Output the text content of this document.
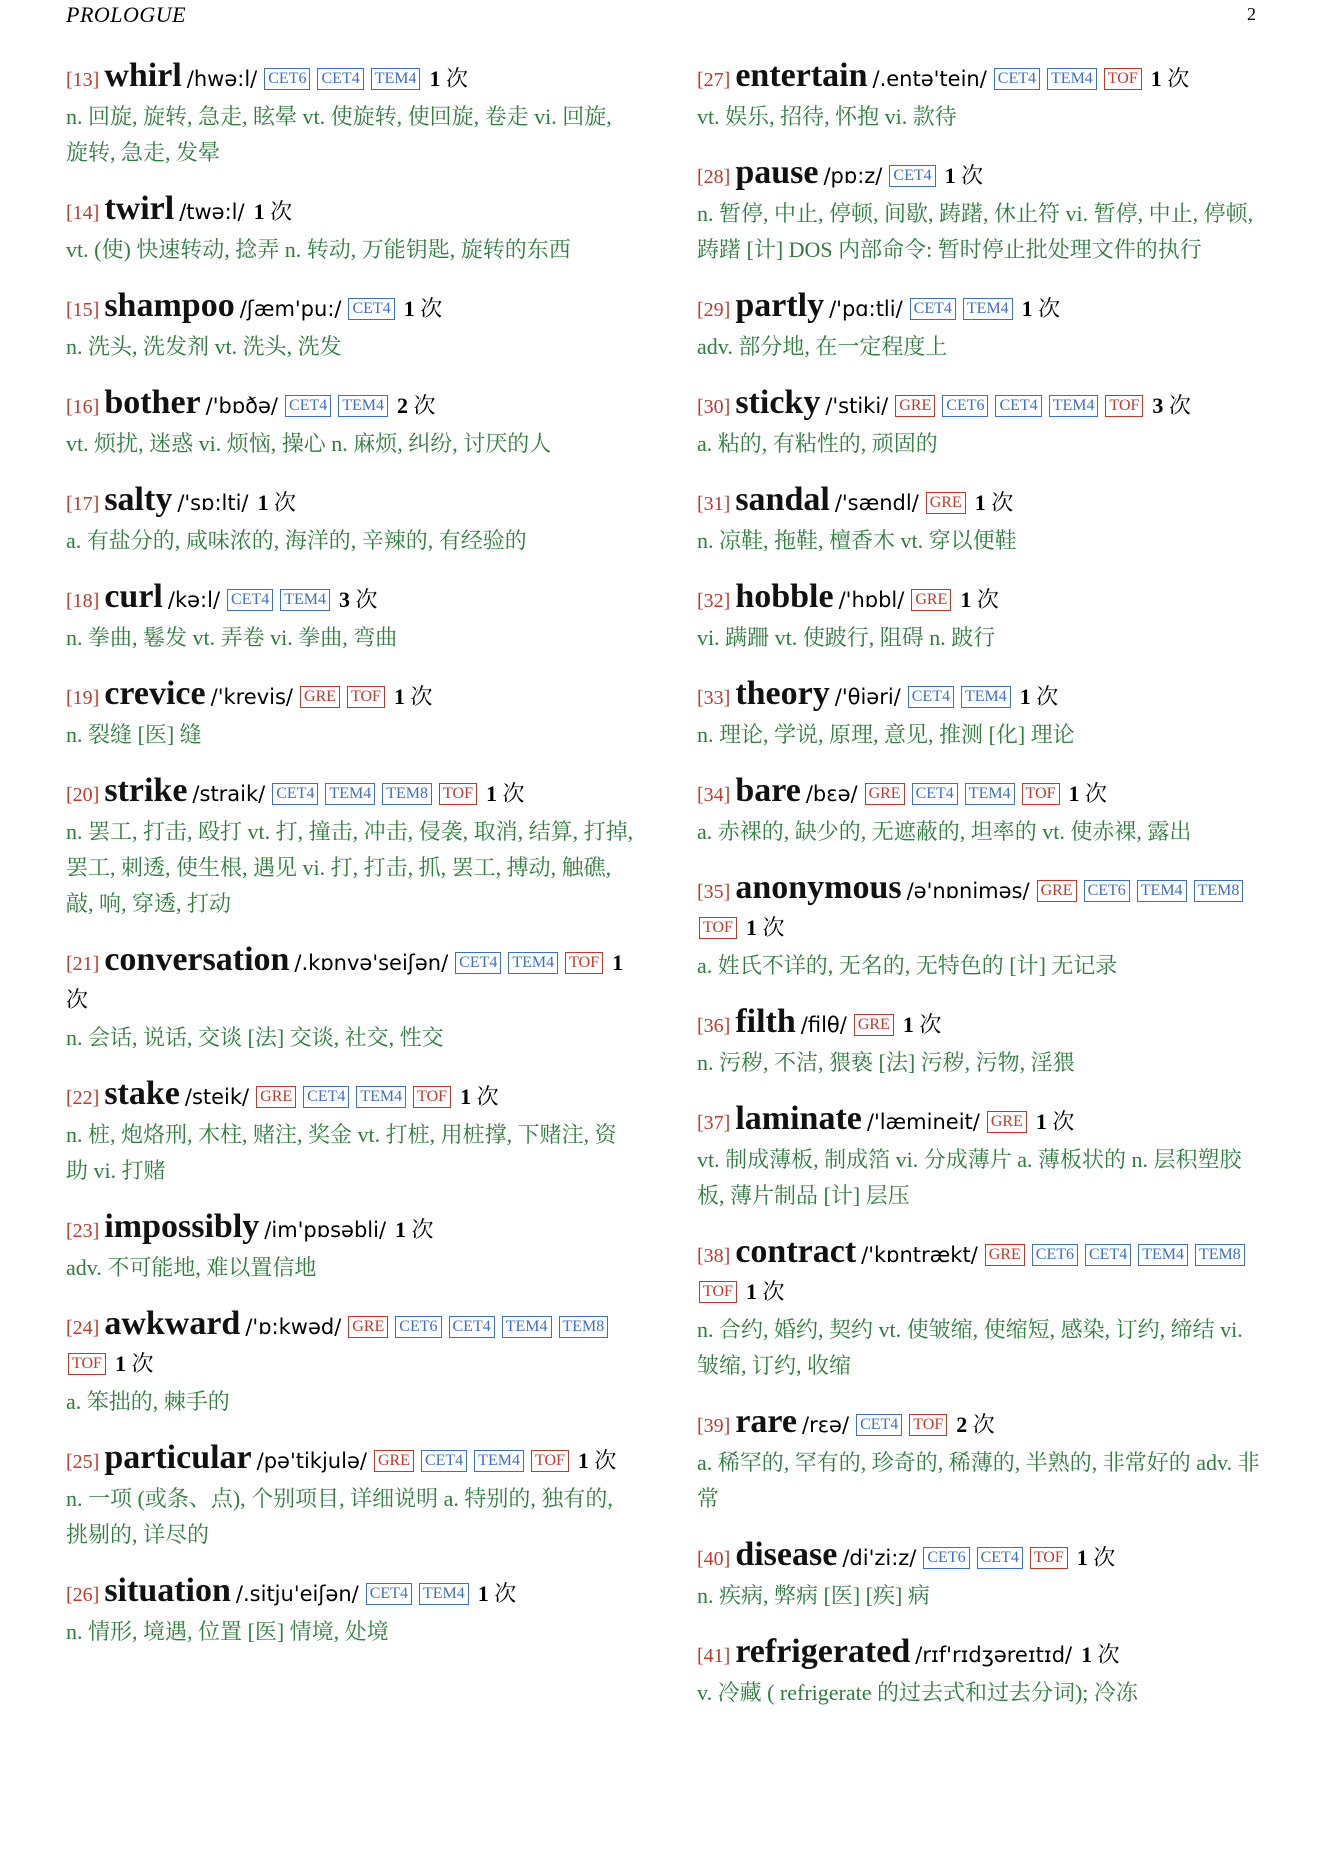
PROLOGUE	2
[13] whirl /hwə:l/ CET6 CET4 TEM4 1 次
n. 回旋, 旋转, 急走, 眩晕 vt. 使旋转, 使回旋, 卷走 vi. 回旋, 旋转, 急走, 发晕
[14] twirl /twə:l/ 1 次
vt. (使) 快速转动, 捻弄 n. 转动, 万能钥匙, 旋转的东西
[15] shampoo /ʃæm'pu:/ CET4 1 次
n. 洗头, 洗发剂 vt. 洗头, 洗发
[16] bother /'bɒðə/ CET4 TEM4 2 次
vt. 烦扰, 迷惑 vi. 烦恼, 操心 n. 麻烦, 纠纷, 讨厌的人
[17] salty /'sɒ:lti/ 1 次
a. 有盐分的, 咸味浓的, 海洋的, 辛辣的, 有经验的
[18] curl /kə:l/ CET4 TEM4 3 次
n. 拳曲, 鬈发 vt. 弄卷 vi. 拳曲, 弯曲
[19] crevice /'krevis/ GRE TOF 1 次
n. 裂缝 [医] 缝
[20] strike /straik/ CET4 TEM4 TEM8 TOF 1 次
n. 罢工, 打击, 殴打 vt. 打, 撞击, 冲击, 侵袭, 取消, 结算, 打掉, 罢工, 刺透, 使生根, 遇见 vi. 打, 打击, 抓, 罢工, 搏动, 触礁, 敲, 响, 穿透, 打动
[21] conversation /.kɒnvə'seiʃən/ CET4 TEM4 TOF 1 次
n. 会话, 说话, 交谈 [法] 交谈, 社交, 性交
[22] stake /steik/ GRE CET4 TEM4 TOF 1 次
n. 桩, 炮烙刑, 木柱, 赌注, 奖金 vt. 打桩, 用桩撑, 下赌注, 资助 vi. 打赌
[23] impossibly /im'pɒsəbli/ 1 次
adv. 不可能地, 难以置信地
[24] awkward /'ɒ:kwəd/ GRE CET6 CET4 TEM4 TEM8 TOF 1 次
a. 笨拙的, 棘手的
[25] particular /pə'tikjulə/ GRE CET4 TEM4 TOF 1 次
n. 一项 (或条、点), 个别项目, 详细说明 a. 特别的, 独有的, 挑剔的, 详尽的
[26] situation /.sitju'eiʃən/ CET4 TEM4 1 次
n. 情形, 境遇, 位置 [医] 情境, 处境
[27] entertain /.entə'tein/ CET4 TEM4 TOF 1 次
vt. 娱乐, 招待, 怀抱 vi. 款待
[28] pause /pɒ:z/ CET4 1 次
n. 暂停, 中止, 停顿, 间歇, 踌躇, 休止符 vi. 暂停, 中止, 停顿, 踌躇 [计] DOS 内部命令: 暂时停止批处理文件的执行
[29] partly /'pɑ:tli/ CET4 TEM4 1 次
adv. 部分地, 在一定程度上
[30] sticky /'stiki/ GRE CET6 CET4 TEM4 TOF 3 次
a. 粘的, 有粘性的, 顽固的
[31] sandal /'sændl/ GRE 1 次
n. 凉鞋, 拖鞋, 檀香木 vt. 穿以便鞋
[32] hobble /'hɒbl/ GRE 1 次
vi. 蹒跚 vt. 使跛行, 阻碍 n. 跛行
[33] theory /'θiəri/ CET4 TEM4 1 次
n. 理论, 学说, 原理, 意见, 推测 [化] 理论
[34] bare /bɛə/ GRE CET4 TEM4 TOF 1 次
a. 赤裸的, 缺少的, 无遮蔽的, 坦率的 vt. 使赤裸, 露出
[35] anonymous /ə'nɒniməs/ GRE CET6 TEM4 TEM8 TOF 1 次
a. 姓氏不详的, 无名的, 无特色的 [计] 无记录
[36] filth /filθ/ GRE 1 次
n. 污秽, 不洁, 猥亵 [法] 污秽, 污物, 淫猥
[37] laminate /'læmineit/ GRE 1 次
vt. 制成薄板, 制成箔 vi. 分成薄片 a. 薄板状的 n. 层积塑胶板, 薄片制品 [计] 层压
[38] contract /'kɒntrækt/ GRE CET6 CET4 TEM4 TEM8 TOF 1 次
n. 合约, 婚约, 契约 vt. 使皱缩, 使缩短, 感染, 订约, 缔结 vi. 皱缩, 订约, 收缩
[39] rare /rεə/ CET4 TOF 2 次
a. 稀罕的, 罕有的, 珍奇的, 稀薄的, 半熟的, 非常好的 adv. 非常
[40] disease /di'zi:z/ CET6 CET4 TOF 1 次
n. 疾病, 弊病 [医] [疾] 病
[41] refrigerated /rɪf'rɪdʒəreɪtɪd/ 1 次
v. 冷藏 ( refrigerate 的过去式和过去分词); 冷冻
